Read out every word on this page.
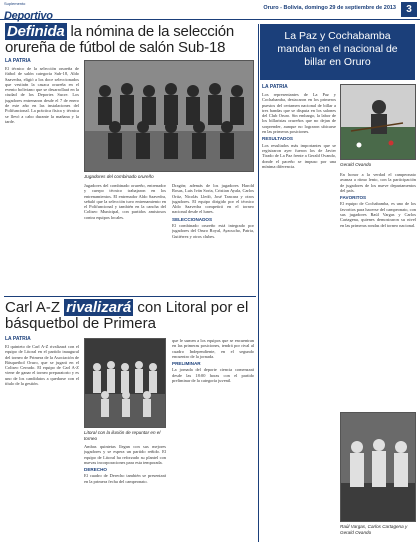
Suplemento
Deportivo
Oruro - Bolivia, domingo 29 de septiembre de 2013	3
Definida la nómina de la selección orureña de fútbol de salón Sub-18
LA PATRIA

El técnico de la selección orureña de fútbol de salón categoría Sub-18, Aldo Saavedra, eligió a los doce seleccionados que vestirán la casaca orureña en el evento boliviano que se desarrollará en la ciudad de los Deportes Sucre. Los jugadores entrenaron desde el 7 de enero de este año en las instalaciones del Polifuncional. La práctica física y técnica se llevó a cabo durante la mañana y la tarde.

Jugadores del combinado orureño

Jugadores del combinado orureño, entrenador y cuerpo técnico trabajaron en los entrenamientos. El entrenador Aldo Saavedra, señaló que la selección tuvo entrenamiento en el Polifuncional y también en la cancha del Coliseo Municipal, con partidos amistosos contra equipos locales.

Dragón; además de los jugadores Harold Rosas, Luis Iván Soria, Cristian Ayala, Carlos Ortiz, Nicolás Lledó, José Tancara y otros jugadores. El equipo dirigido por el técnico Aldo Saavedra competirá en el torneo nacional desde el lunes.

SELECCIONADOS

El combinado orureño está integrado por jugadores del Oruro Royal, Ayacucho, Patria, Gutiérrez y otros clubes.

Carl A-Z rivalizará con Litoral por el básquetbol de Primera
LA PATRIA

El quinteto de Carl A-Z rivalizará con el equipo de Litoral en el partido inaugural del torneo de Primera de la Asociación de Básquetbol Oruro, que se jugará en el Coliseo Cerrado. El equipo de Carl A-Z viene de ganar el torneo preparatorio y es uno de los candidatos a quedarse con el título de la gestión.

Litoral con la ilusión de repuntar en el torneo

Ambas quintetas llegan con sus mejores jugadores y se espera un partido reñido. El equipo de Litoral ha reforzado su plantel con nuevas incorporaciones para esta temporada.

DERECHO

El cuadro de Derecho también se presentará en la primera fecha del campeonato.

que le sumen a los equipos que se encuentran en las primeras posiciones, tendrá por rival al cuadro Independiente, en el segundo encuentro de la jornada.

PRELIMINAR

La jornada del deporte ciencia comenzará desde las 18:00 horas con el partido preliminar de la categoría juvenil.

La Paz y Cochabamba mandan en el nacional de billar en Oruro
LA PATRIA

Los representantes de La Paz y Cochabamba, destacaron en los primeros puestos del certamen nacional de billar a tres bandas que se disputa en los salones del Club Oruro. Sin embargo, la labor de los billaristas orureños que no dejan de sorprender, aunque no lograron ubicarse en las primeras posiciones.

RESULTADOS

Los resultados más importantes que se registraron ayer fueron los de Javier Tirado de La Paz frente a Gerald Ovando, donde el paceño se impuso por una mínima diferencia.	Gerald Ovando

En honor a la verdad el campeonato avanza a ritmo lento, con la participación de jugadores de los nueve departamentos del país.

FAVORITOS

El equipo de Cochabamba, es uno de los favoritos para hacerse del campeonato, con sus jugadores Raúl Vargas y Carlos Cartagena, quienes demostraron su nivel en las primeras rondas del torneo nacional.

Raúl Vargas, Carlos Cartagena y Gerald Ovando
